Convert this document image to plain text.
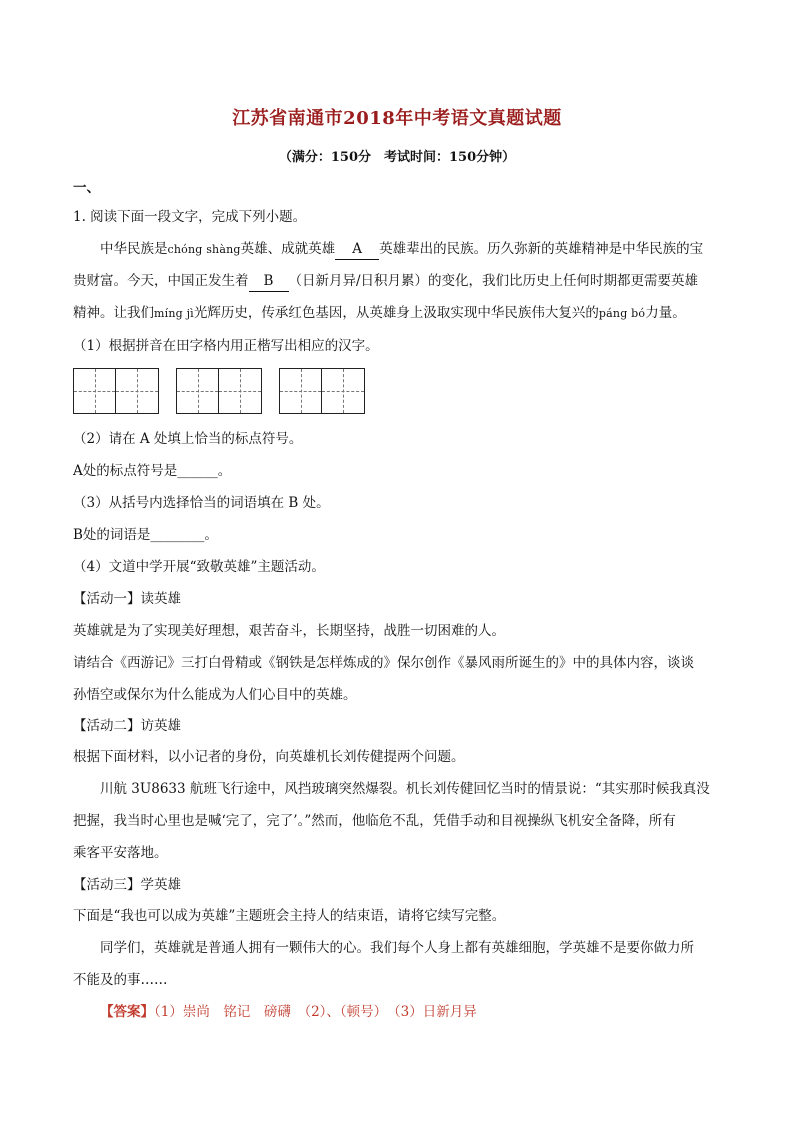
江苏省南通市2018年中考语文真题试题
（满分：150分　考试时间：150分钟）
一、
1. 阅读下面一段文字，完成下列小题。
中华民族是chóng shàng英雄、成就英雄 A 英雄辈出的民族。历久弥新的英雄精神是中华民族的宝
贵财富。今天，中国正发生着 B （日新月异/日积月累）的变化，我们比历史上任何时期都更需要英雄
精神。让我们míng jì光辉历史，传承红色基因，从英雄身上汲取实现中华民族伟大复兴的páng bó力量。
（1）根据拼音在田字格内用正楷写出相应的汉字。
（2）请在 A 处填上恰当的标点符号。
A处的标点符号是______。
（3）从括号内选择恰当的词语填在 B 处。
B处的词语是________。
（4）文道中学开展“致敬英雄”主题活动。
【活动一】读英雄
英雄就是为了实现美好理想，艰苦奋斗，长期坚持，战胜一切困难的人。
请结合《西游记》三打白骨精或《钢铁是怎样炼成的》保尔创作《暴风雨所诞生的》中的具体内容，谈谈
孙悟空或保尔为什么能成为人们心目中的英雄。
【活动二】访英雄
根据下面材料，以小记者的身份，向英雄机长刘传健提两个问题。
川航 3U8633 航班飞行途中，风挡玻璃突然爆裂。机长刘传健回忆当时的情景说：“其实那时候我真没
把握，我当时心里也是喊‘完了，完了’。”然而，他临危不乱，凭借手动和目视操纵飞机安全备降，所有
乘客平安落地。
【活动三】学英雄
下面是“我也可以成为英雄”主题班会主持人的结束语，请将它续写完整。
同学们，英雄就是普通人拥有一颗伟大的心。我们每个人身上都有英雄细胞，学英雄不是要你做力所
不能及的事……
【答案】（1）崇尚　铭记　磅礴　（2）、（顿号）　（3）日新月异
